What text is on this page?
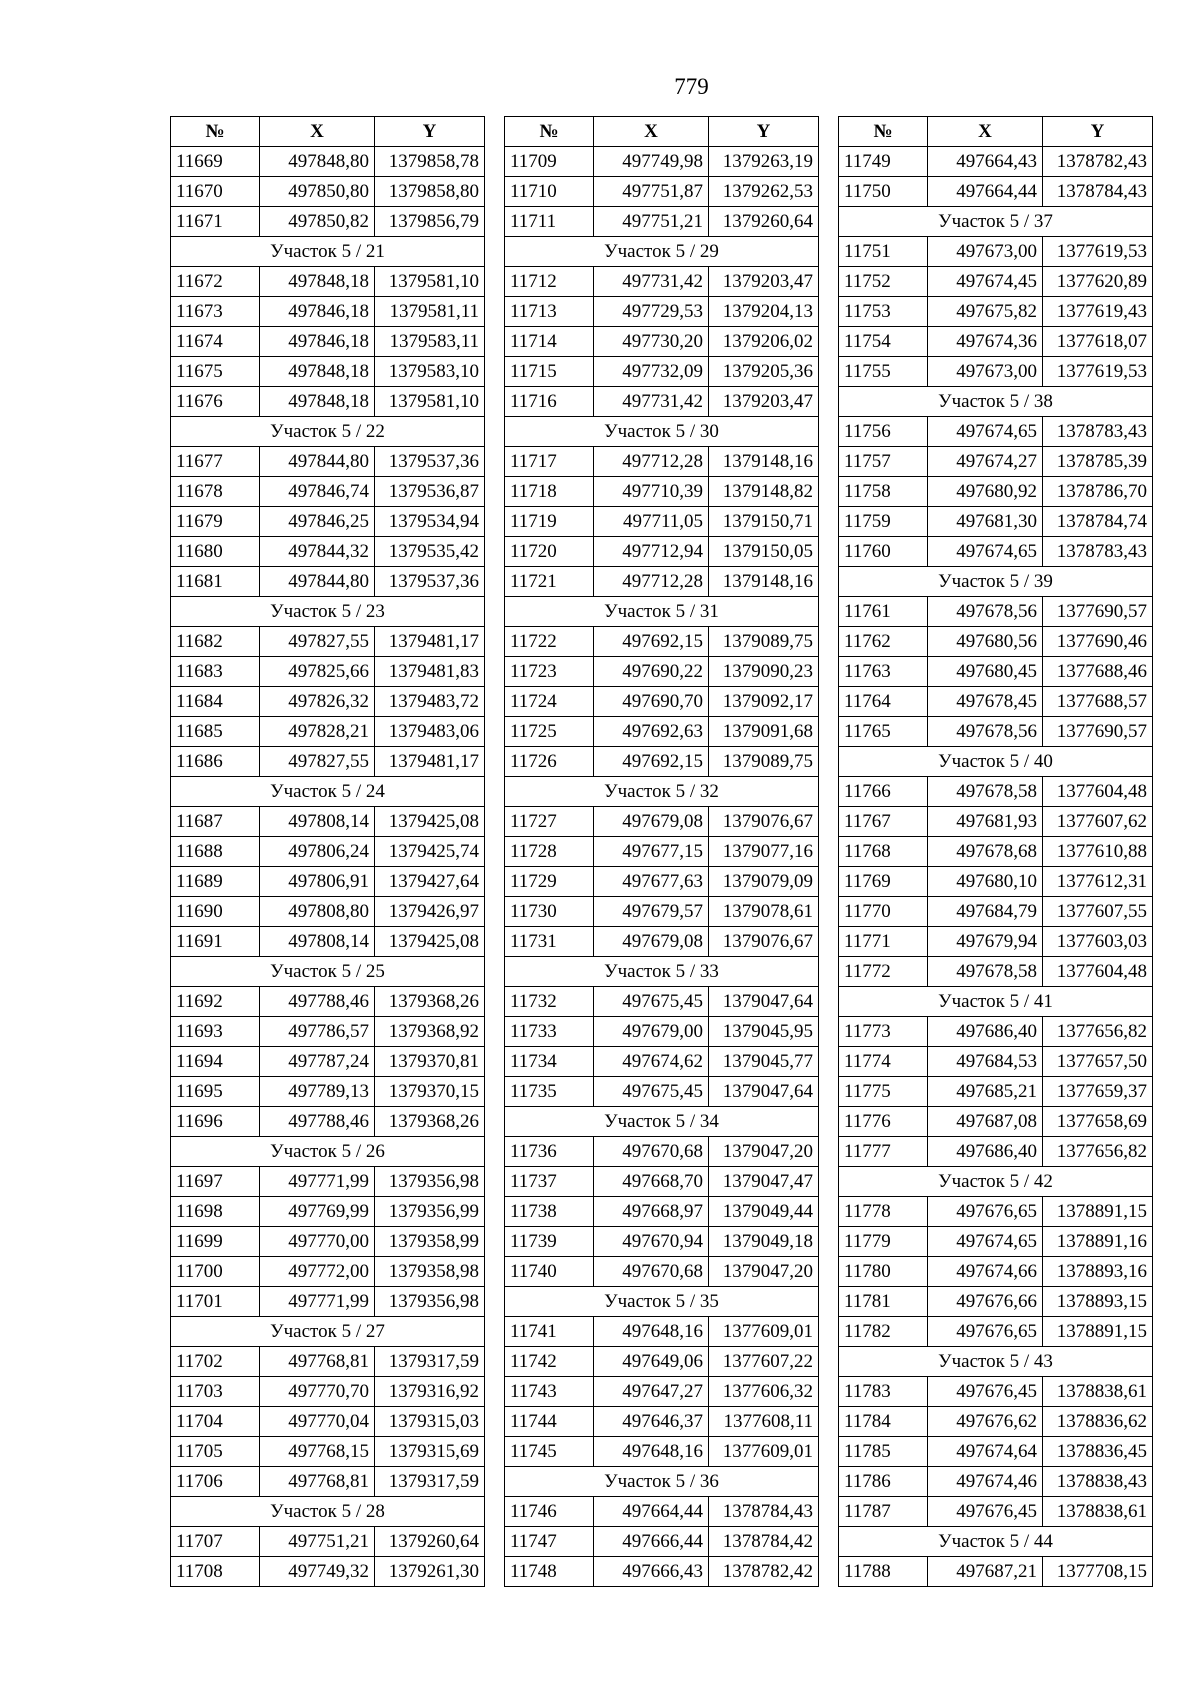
779
№	X	Y
11669	497848,80	1379858,78
11670	497850,80	1379858,80
11671	497850,82	1379856,79
Участок 5 / 21		
11672	497848,18	1379581,10
11673	497846,18	1379581,11
11674	497846,18	1379583,11
11675	497848,18	1379583,10
11676	497848,18	1379581,10
Участок 5 / 22		
11677	497844,80	1379537,36
11678	497846,74	1379536,87
11679	497846,25	1379534,94
11680	497844,32	1379535,42
11681	497844,80	1379537,36
Участок 5 / 23		
11682	497827,55	1379481,17
11683	497825,66	1379481,83
11684	497826,32	1379483,72
11685	497828,21	1379483,06
11686	497827,55	1379481,17
Участок 5 / 24		
11687	497808,14	1379425,08
11688	497806,24	1379425,74
11689	497806,91	1379427,64
11690	497808,80	1379426,97
11691	497808,14	1379425,08
Участок 5 / 25		
11692	497788,46	1379368,26
11693	497786,57	1379368,92
11694	497787,24	1379370,81
11695	497789,13	1379370,15
11696	497788,46	1379368,26
Участок 5 / 26		
11697	497771,99	1379356,98
11698	497769,99	1379356,99
11699	497770,00	1379358,99
11700	497772,00	1379358,98
11701	497771,99	1379356,98
Участок 5 / 27		
11702	497768,81	1379317,59
11703	497770,70	1379316,92
11704	497770,04	1379315,03
11705	497768,15	1379315,69
11706	497768,81	1379317,59
Участок 5 / 28		
11707	497751,21	1379260,64
11708	497749,32	1379261,30
№	X	Y
11709	497749,98	1379263,19
11710	497751,87	1379262,53
11711	497751,21	1379260,64
Участок 5 / 29		
11712	497731,42	1379203,47
11713	497729,53	1379204,13
11714	497730,20	1379206,02
11715	497732,09	1379205,36
11716	497731,42	1379203,47
Участок 5 / 30		
11717	497712,28	1379148,16
11718	497710,39	1379148,82
11719	497711,05	1379150,71
11720	497712,94	1379150,05
11721	497712,28	1379148,16
Участок 5 / 31		
11722	497692,15	1379089,75
11723	497690,22	1379090,23
11724	497690,70	1379092,17
11725	497692,63	1379091,68
11726	497692,15	1379089,75
Участок 5 / 32		
11727	497679,08	1379076,67
11728	497677,15	1379077,16
11729	497677,63	1379079,09
11730	497679,57	1379078,61
11731	497679,08	1379076,67
Участок 5 / 33		
11732	497675,45	1379047,64
11733	497679,00	1379045,95
11734	497674,62	1379045,77
11735	497675,45	1379047,64
Участок 5 / 34		
11736	497670,68	1379047,20
11737	497668,70	1379047,47
11738	497668,97	1379049,44
11739	497670,94	1379049,18
11740	497670,68	1379047,20
Участок 5 / 35		
11741	497648,16	1377609,01
11742	497649,06	1377607,22
11743	497647,27	1377606,32
11744	497646,37	1377608,11
11745	497648,16	1377609,01
Участок 5 / 36		
11746	497664,44	1378784,43
11747	497666,44	1378784,42
11748	497666,43	1378782,42
№	X	Y
11749	497664,43	1378782,43
11750	497664,44	1378784,43
Участок 5 / 37		
11751	497673,00	1377619,53
11752	497674,45	1377620,89
11753	497675,82	1377619,43
11754	497674,36	1377618,07
11755	497673,00	1377619,53
Участок 5 / 38		
11756	497674,65	1378783,43
11757	497674,27	1378785,39
11758	497680,92	1378786,70
11759	497681,30	1378784,74
11760	497674,65	1378783,43
Участок 5 / 39		
11761	497678,56	1377690,57
11762	497680,56	1377690,46
11763	497680,45	1377688,46
11764	497678,45	1377688,57
11765	497678,56	1377690,57
Участок 5 / 40		
11766	497678,58	1377604,48
11767	497681,93	1377607,62
11768	497678,68	1377610,88
11769	497680,10	1377612,31
11770	497684,79	1377607,55
11771	497679,94	1377603,03
11772	497678,58	1377604,48
Участок 5 / 41		
11773	497686,40	1377656,82
11774	497684,53	1377657,50
11775	497685,21	1377659,37
11776	497687,08	1377658,69
11777	497686,40	1377656,82
Участок 5 / 42		
11778	497676,65	1378891,15
11779	497674,65	1378891,16
11780	497674,66	1378893,16
11781	497676,66	1378893,15
11782	497676,65	1378891,15
Участок 5 / 43		
11783	497676,45	1378838,61
11784	497676,62	1378836,62
11785	497674,64	1378836,45
11786	497674,46	1378838,43
11787	497676,45	1378838,61
Участок 5 / 44		
11788	497687,21	1377708,15
